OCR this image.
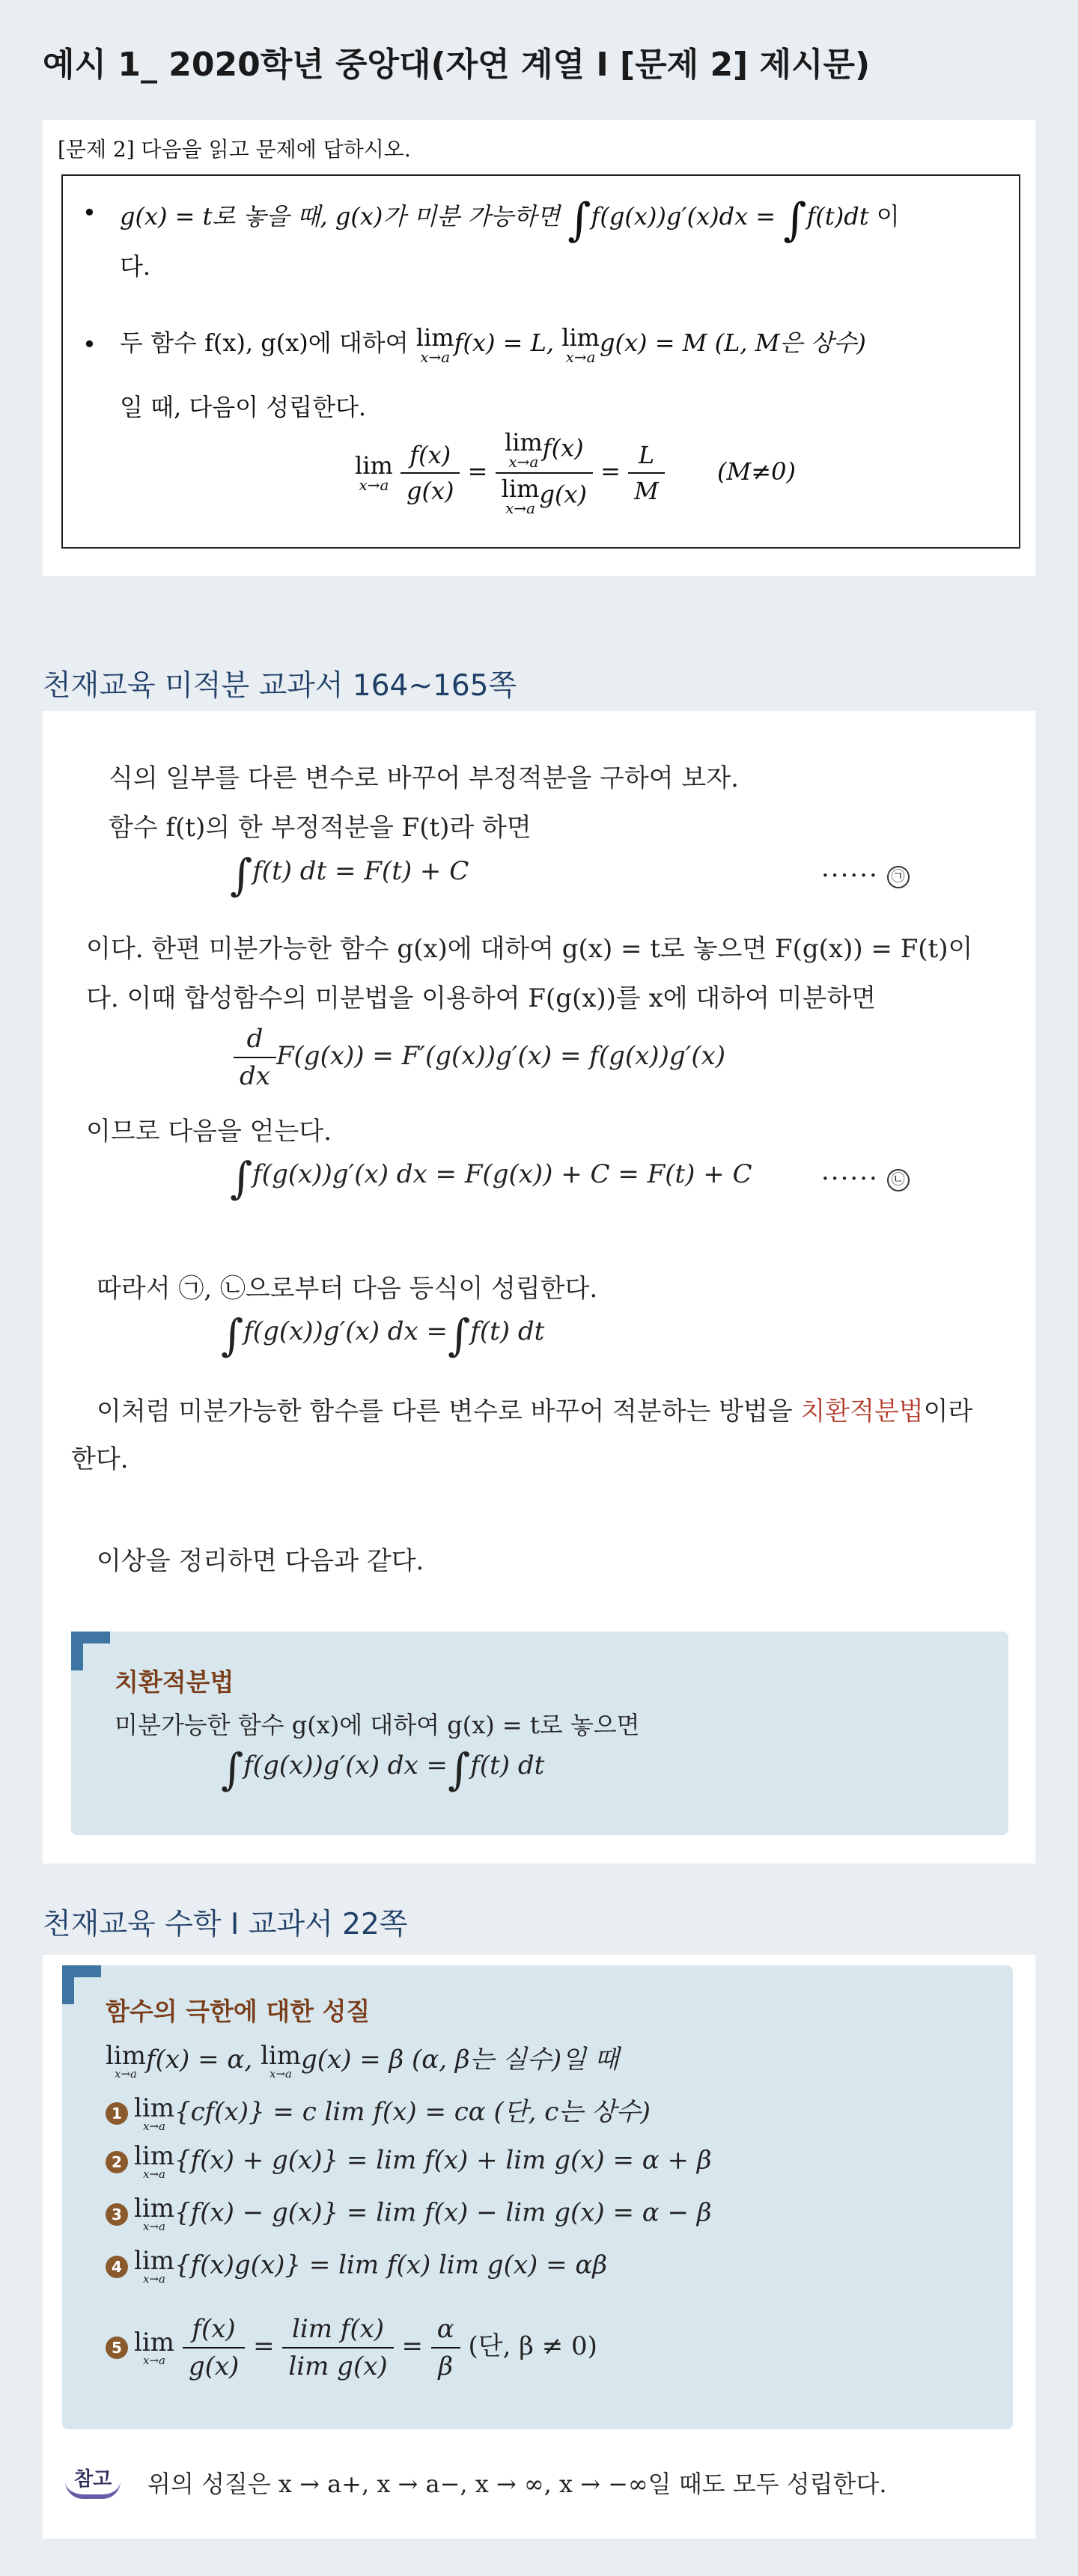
예시 1_ 2020학년 중앙대(자연 계열 I [문제 2] 제시문)
[문제 2] 다음을 읽고 문제에 답하시오.
• g(x) = t로 놓을 때, g(x)가 미분 가능하면 ∫f(g(x))g′(x)dx = ∫f(t)dt 이
다.
• 두 함수 f(x), g(x)에 대하여 lim
x→a f(x) = L, lim
x→a g(x) = M (L, M은 상수)
일 때, 다음이 성립한다.
lim
x→a
$\frac{f(x)}{g(x)} = \lim$
x→a f(x)
lim
x→a $g(x) = \frac{L}{M} (M\ne 0)$
천재교육 미적분 교과서 164~165쪽
식의 일부를 다른 변수로 바꾸어 부정적분을 구하여 보자.
함수 f(t)의 한 부정적분을 F(t)라 하면
∫f(t) dt = F(t) + C	······ ㉠
이다. 한편 미분가능한 함수 g(x)에 대하여 g(x) = t로 놓으면 F(g(x)) = F(t)이
다. 이때 합성함수의 미분법을 이용하여 F(g(x))를 x에 대하여 미분하면
$\frac{d}{dx} F(g(x)) = F'(g(x))g'(x) = f(g(x))g'(x)$
이므로 다음을 얻는다.
∫f(g(x))g′(x) dx = F(g(x)) + C = F(t) + C	······ ㉡
따라서 ㉠, ㉡으로부터 다음 등식이 성립한다.
∫f(g(x))g′(x) dx =∫f(t) dt
이처럼 미분가능한 함수를 다른 변수로 바꾸어 적분하는 방법을 치환적분법이라
한다.
이상을 정리하면 다음과 같다.
치환적분법
미분가능한 함수 g(x)에 대하여 g(x) = t로 놓으면
∫f(g(x))g′(x) dx =∫f(t) dt
천재교육 수학 I 교과서 22쪽
함수의 극한에 대한 성질
lim
x→a f(x) = α, lim
x→a g(x) = β (α, β는 실수)일 때
1 lim
x→a {cf(x)} = c lim f(x) = cα (단, c는 상수)
2 lim
x→a {f(x) + g(x)} = lim f(x) + lim g(x) = α + β
3 lim
x→a {f(x) − g(x)} = lim f(x) − lim g(x) = α − β
4 lim
x→a {f(x)g(x)} = lim f(x) lim g(x) = αβ
5 lim
x→a
$\frac{f(x)}{g(x)} = \frac{\text{lim f(x)}}{\text{lim g(x)}} = \frac{\alpha}{\beta}$ (단, β ≠ 0)
참고	위의 성질은 x → a+, x → a−, x → ∞, x → −∞일 때도 모두 성립한다.
